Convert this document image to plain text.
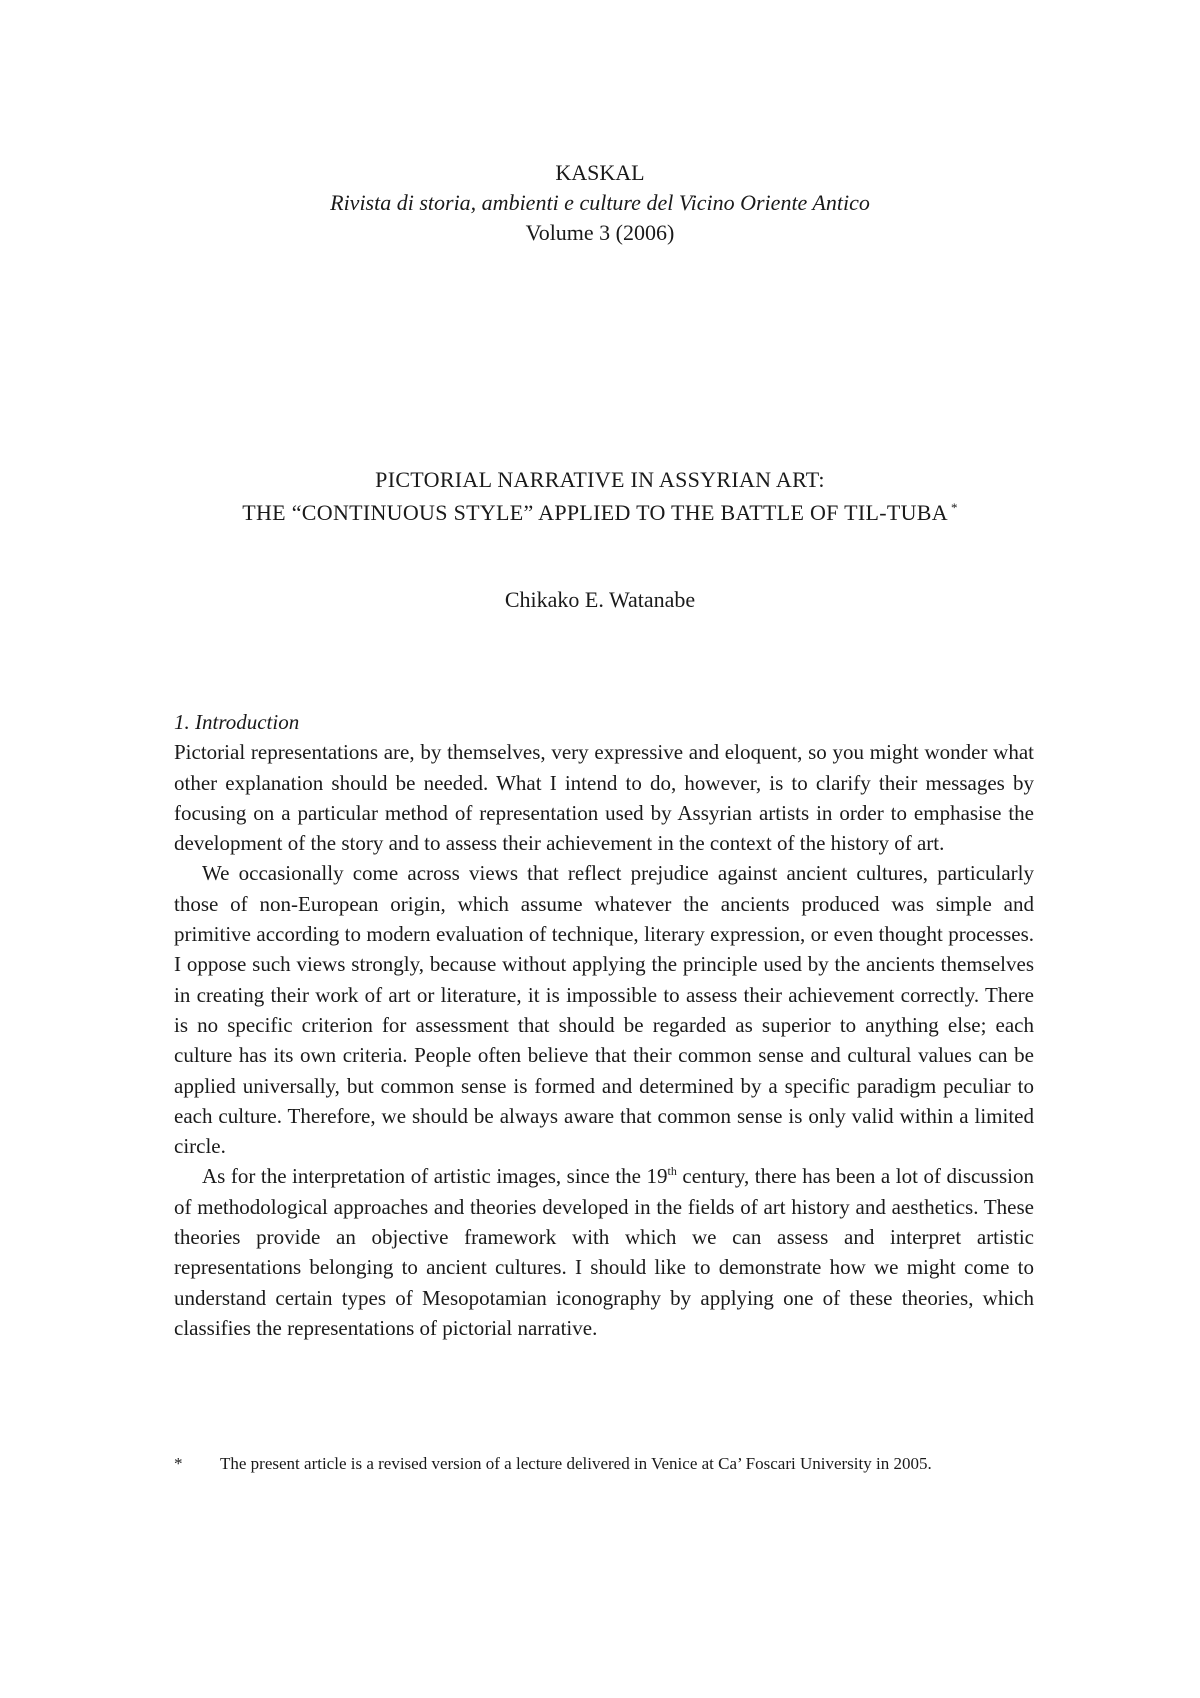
KASKAL
Rivista di storia, ambienti e culture del Vicino Oriente Antico
Volume 3 (2006)
PICTORIAL NARRATIVE IN ASSYRIAN ART:
THE “CONTINUOUS STYLE” APPLIED TO THE BATTLE OF TIL-TUBA *
Chikako E. Watanabe

1. Introduction

Pictorial representations are, by themselves, very expressive and eloquent, so you might wonder what other explanation should be needed. What I intend to do, however, is to clarify their messages by focusing on a particular method of representation used by Assyrian artists in order to emphasise the development of the story and to assess their achievement in the context of the history of art.

We occasionally come across views that reflect prejudice against ancient cultures, particularly those of non-European origin, which assume whatever the ancients produced was simple and primitive according to modern evaluation of technique, literary expression, or even thought processes. I oppose such views strongly, because without applying the principle used by the ancients themselves in creating their work of art or literature, it is impossible to assess their achievement correctly. There is no specific criterion for assessment that should be regarded as superior to anything else; each culture has its own criteria. People often believe that their common sense and cultural values can be applied universally, but common sense is formed and determined by a specific paradigm peculiar to each culture. Therefore, we should be always aware that common sense is only valid within a limited circle.

As for the interpretation of artistic images, since the 19th century, there has been a lot of discussion of methodological approaches and theories developed in the fields of art history and aesthetics. These theories provide an objective framework with which we can assess and interpret artistic representations belonging to ancient cultures. I should like to demonstrate how we might come to understand certain types of Mesopotamian iconography by applying one of these theories, which classifies the representations of pictorial narrative.

*	The present article is a revised version of a lecture delivered in Venice at Ca’ Foscari University in 2005.
